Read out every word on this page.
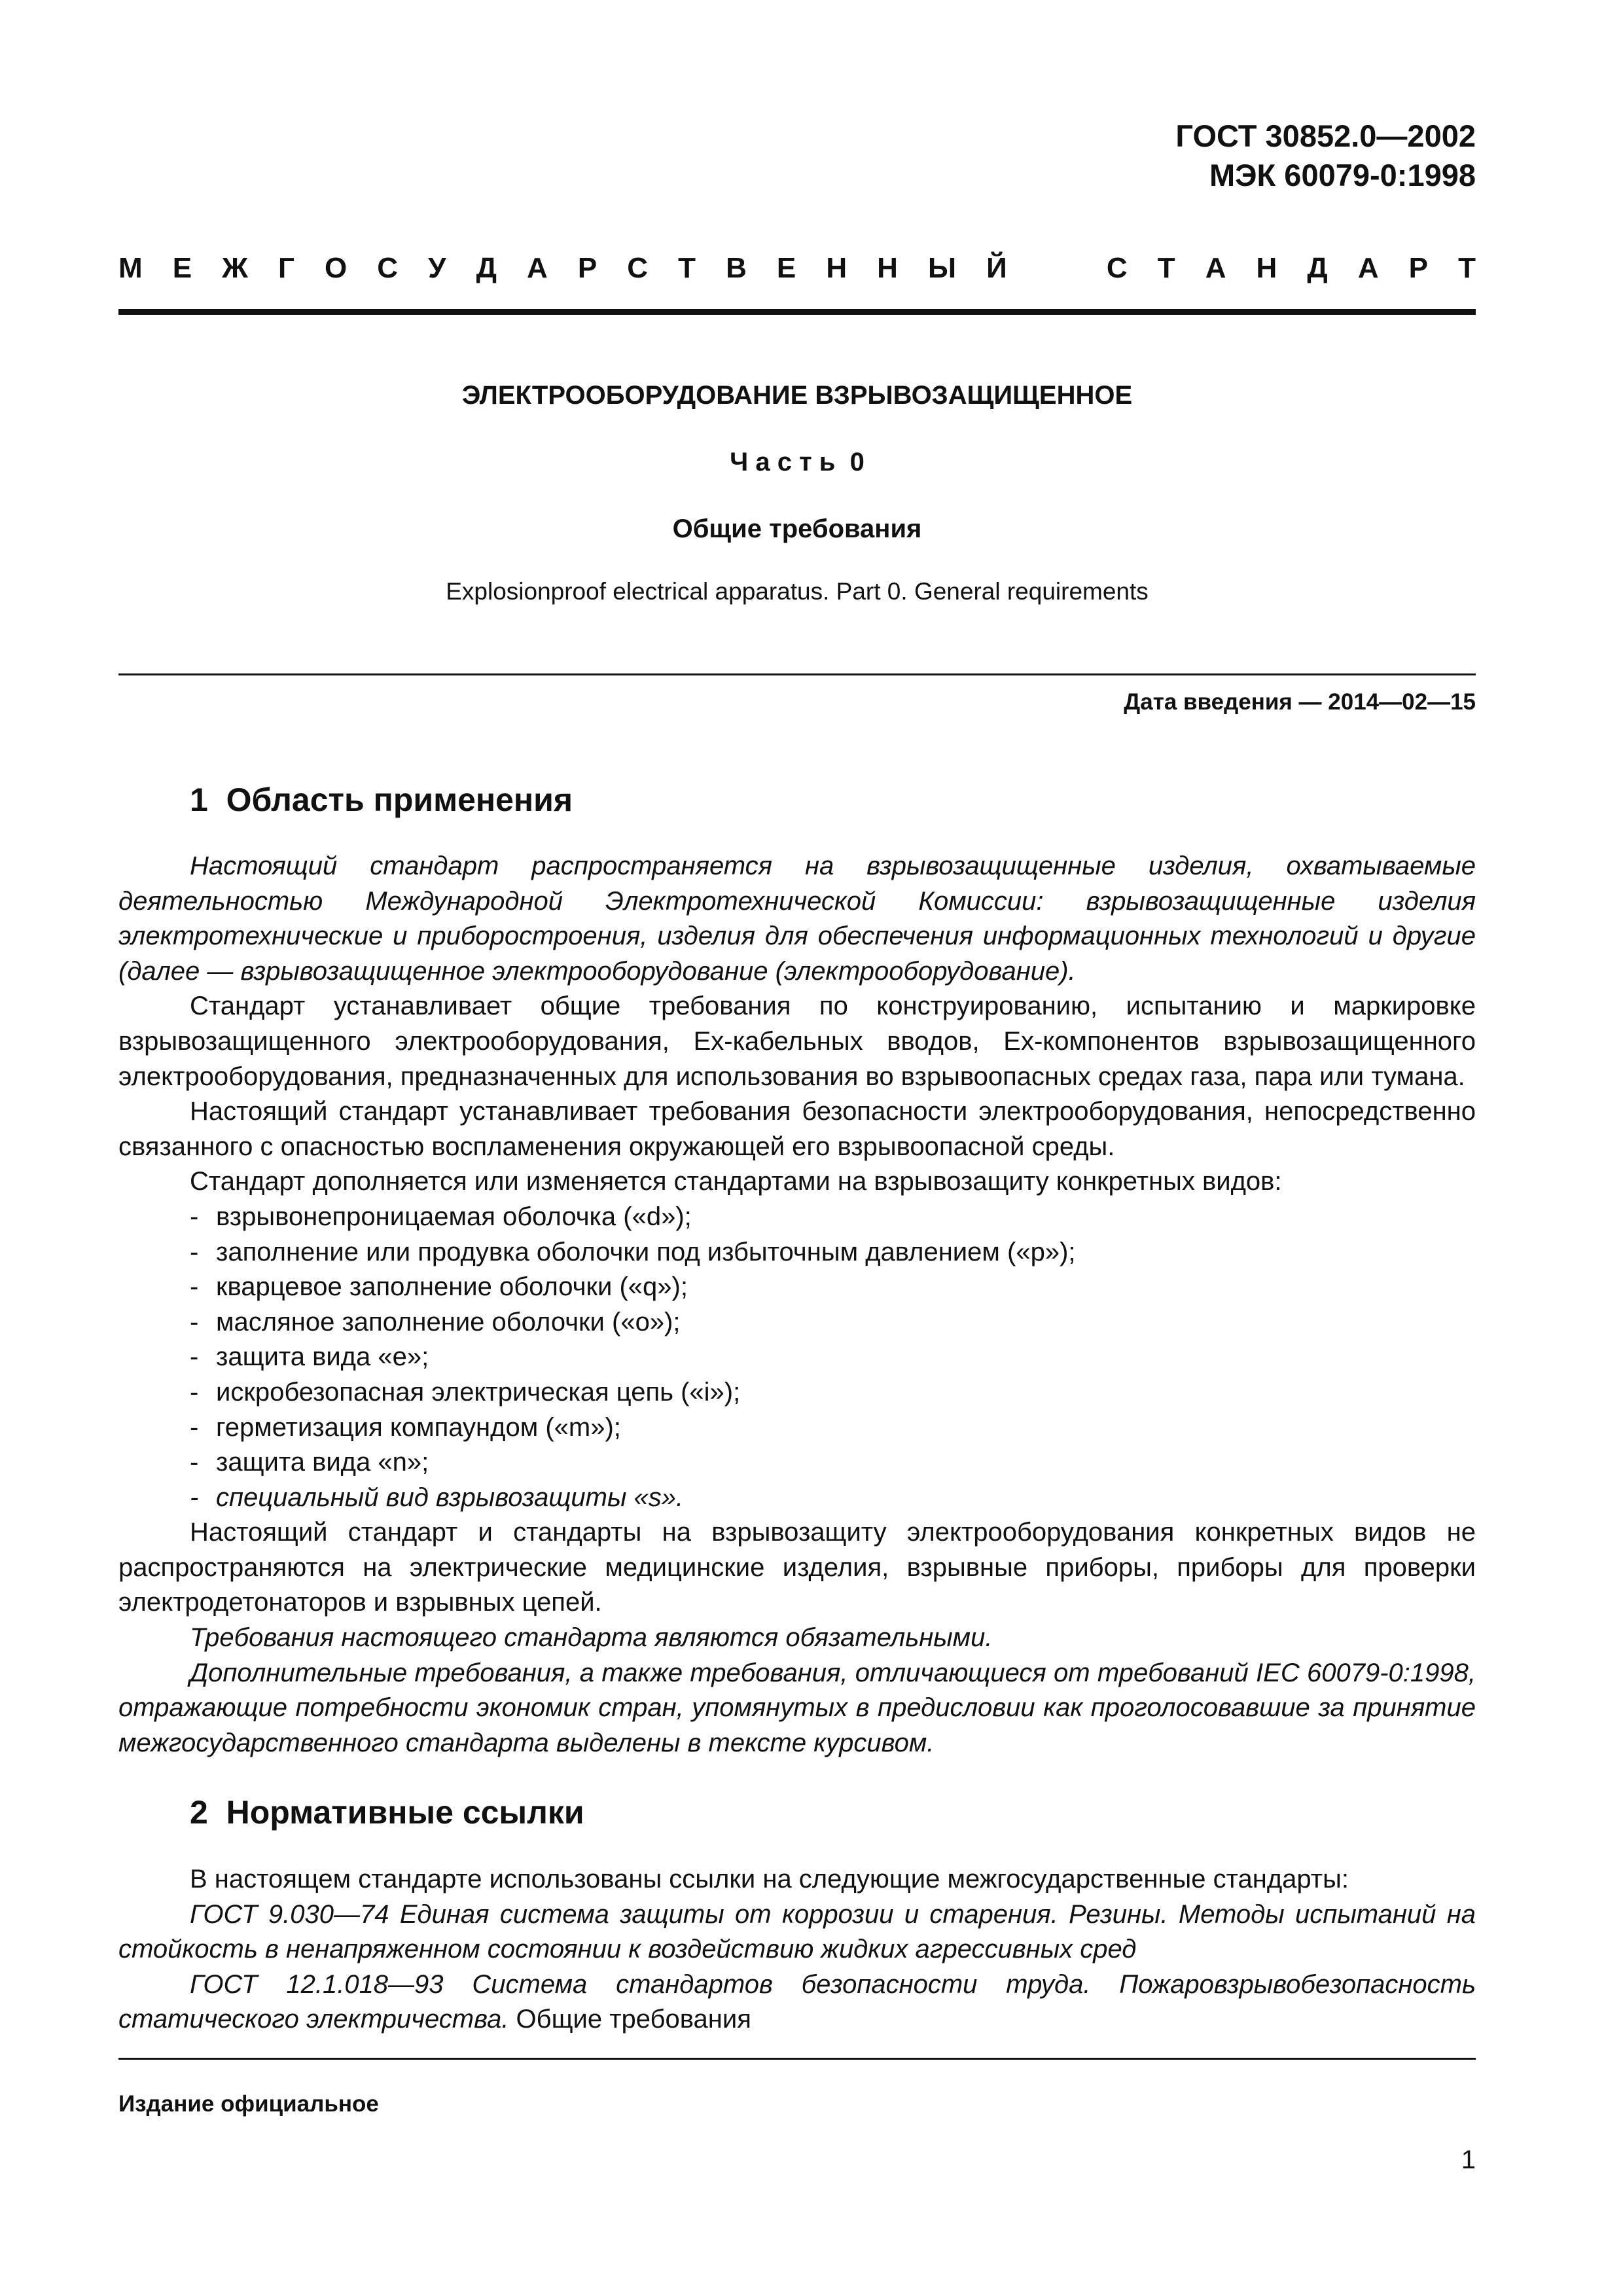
ГОСТ 30852.0—2002
МЭК 60079-0:1998
М Е Ж Г О С У Д А Р С Т В Е Н Н Ы Й	С Т А Н Д А Р Т
ЭЛЕКТРООБОРУДОВАНИЕ ВЗРЫВОЗАЩИЩЕННОЕ
Ч а с т ь  0
Общие требования
Explosionproof electrical apparatus. Part 0. General requirements
Дата введения — 2014—02—15
1  Область применения

Настоящий стандарт распространяется на взрывозащищенные изделия, охватываемые деятельностью Международной Электротехнической Комиссии: взрывозащищенные изделия электротехнические и приборостроения, изделия для обеспечения информационных технологий и другие (далее — взрывозащищенное электрооборудование (электрооборудование).

Стандарт устанавливает общие требования по конструированию, испытанию и маркировке взрывозащищенного электрооборудования, Ex-кабельных вводов, Ex-компонентов взрывозащищенного электрооборудования, предназначенных для использования во взрывоопасных средах газа, пара или тумана.

Настоящий стандарт устанавливает требования безопасности электрооборудования, непосредственно связанного с опасностью воспламенения окружающей его взрывоопасной среды.

Стандарт дополняется или изменяется стандартами на взрывозащиту конкретных видов:

- взрывонепроницаемая оболочка («d»);
- заполнение или продувка оболочки под избыточным давлением («p»);
- кварцевое заполнение оболочки («q»);
- масляное заполнение оболочки («o»);
- защита вида «e»;
- искробезопасная электрическая цепь («i»);
- герметизация компаундом («m»);
- защита вида «n»;
- специальный вид взрывозащиты «s».

Настоящий стандарт и стандарты на взрывозащиту электрооборудования конкретных видов не распространяются на электрические медицинские изделия, взрывные приборы, приборы для проверки электродетонаторов и взрывных цепей.

Требования настоящего стандарта являются обязательными.

Дополнительные требования, а также требования, отличающиеся от требований IEC 60079-0:1998, отражающие потребности экономик стран, упомянутых в предисловии как проголосовавшие за принятие межгосударственного стандарта выделены в тексте курсивом.

2  Нормативные ссылки

В настоящем стандарте использованы ссылки на следующие межгосударственные стандарты:

ГОСТ 9.030—74 Единая система защиты от коррозии и старения. Резины. Методы испытаний на стойкость в ненапряженном состоянии к воздействию жидких агрессивных сред

ГОСТ 12.1.018—93 Система стандартов безопасности труда. Пожаровзрывобезопасность статического электричества. Общие требования

Издание официальное
1
